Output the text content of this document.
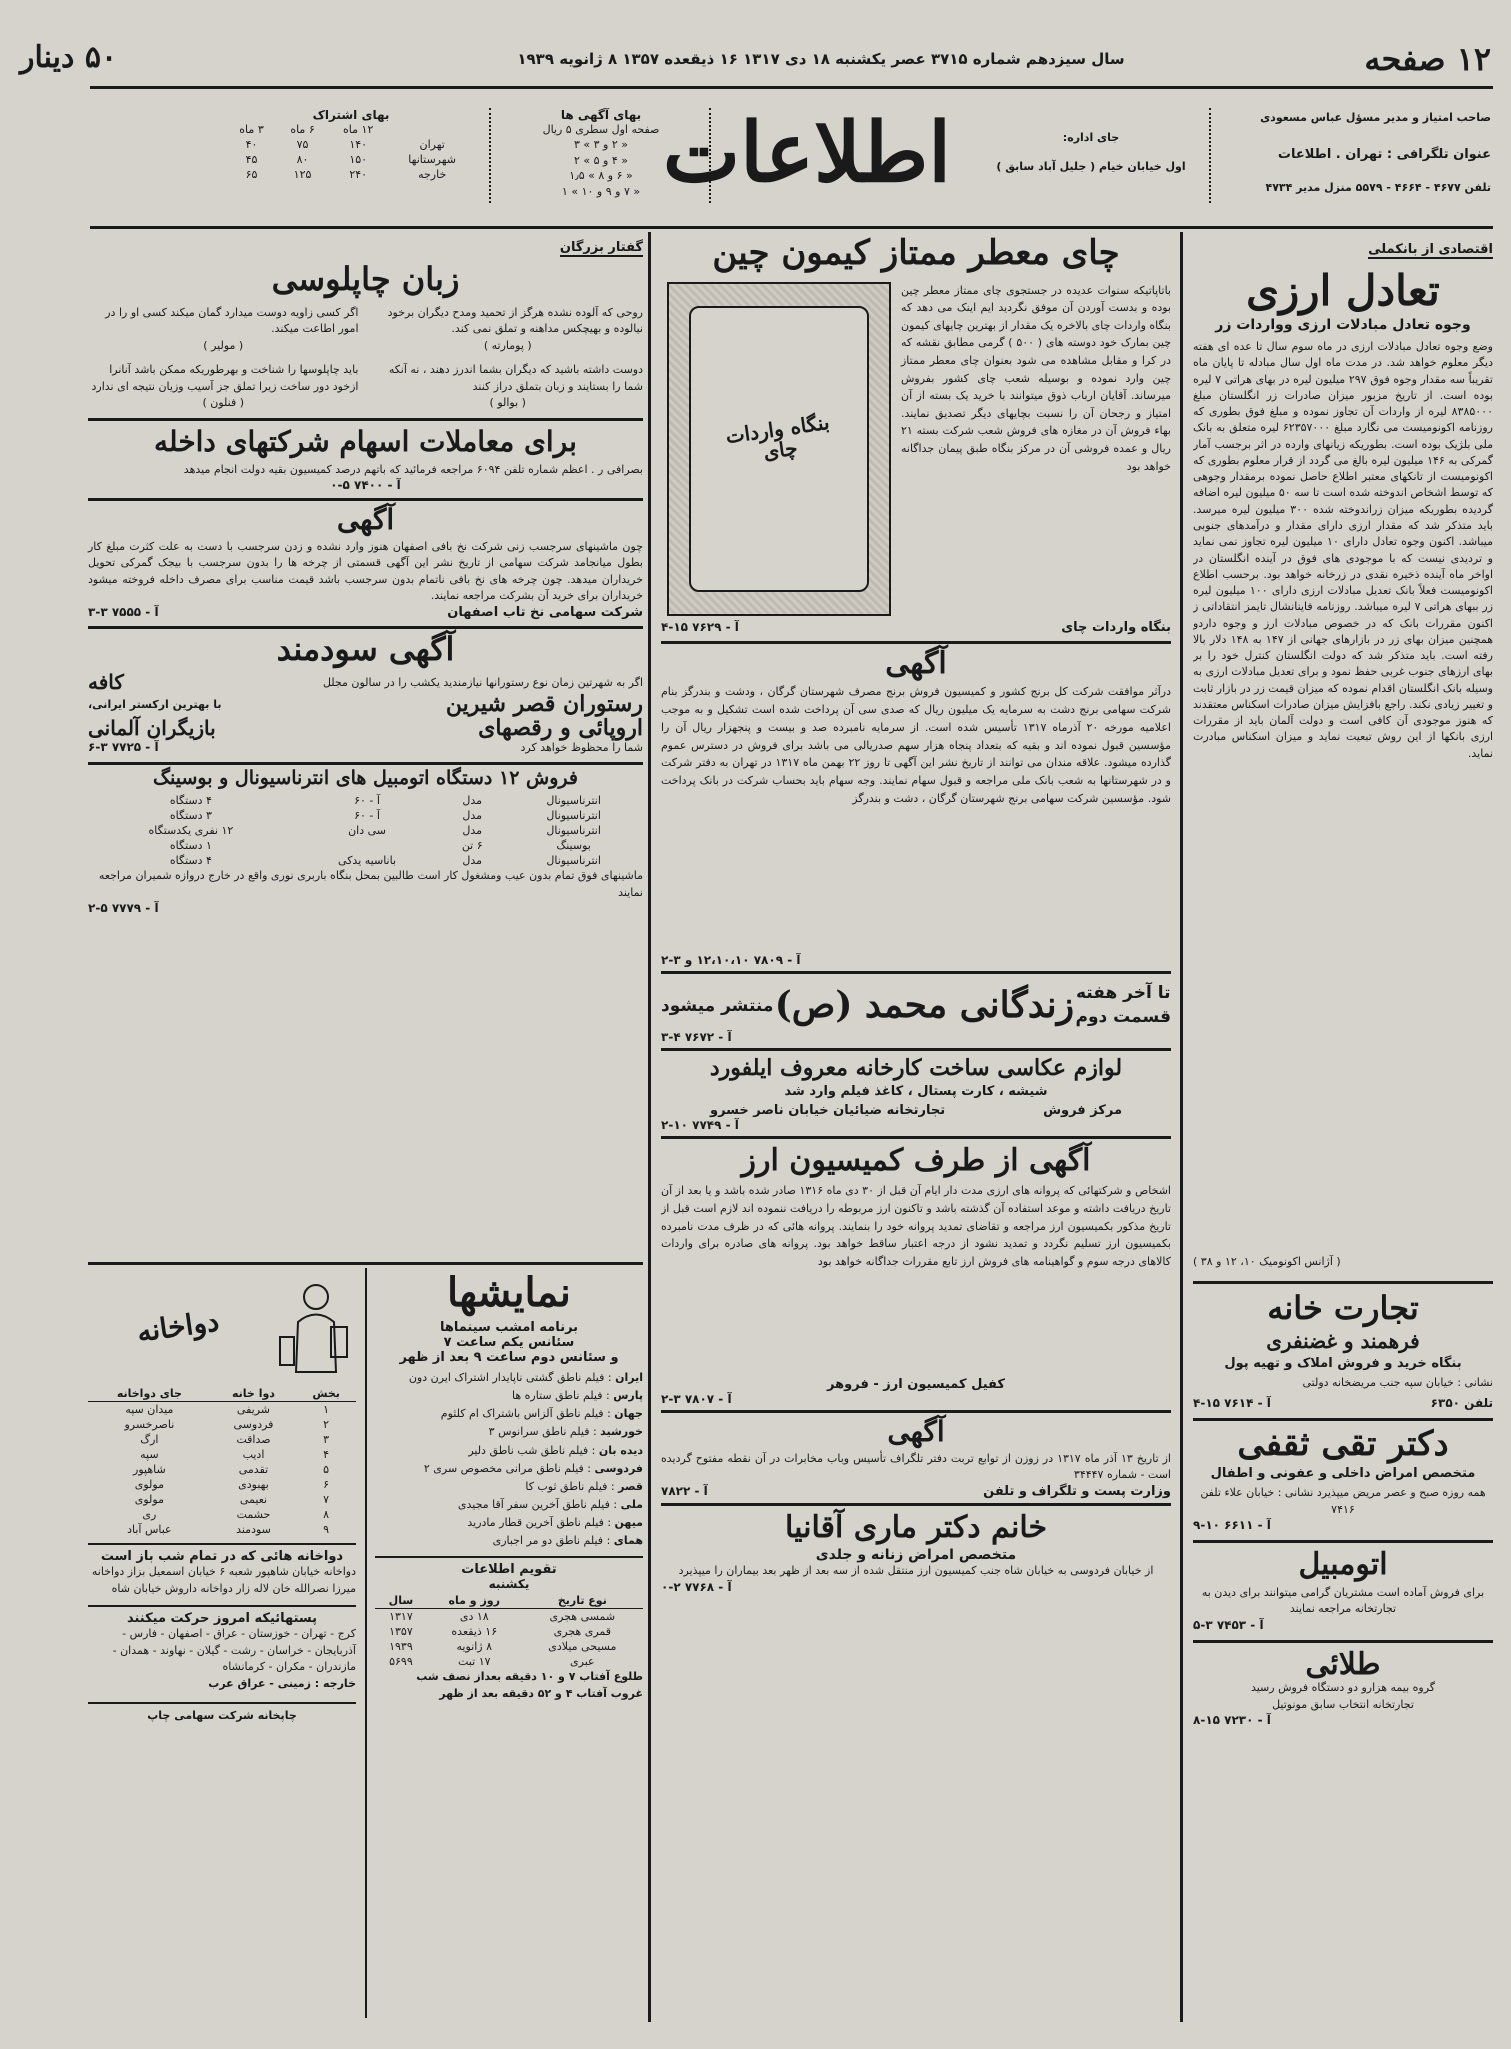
۱۲ صفحه
سال سیزدهم شماره ۳۷۱۵ عصر یکشنبه ۱۸ دی ۱۳۱۷ ۱۶ ذیقعده ۱۳۵۷ ۸ ژانویه ۱۹۳۹
۵۰ دینار
صاحب امتیاز و مدیر مسؤل عباس مسعودی
عنوان تلگرافی : تهران . اطلاعات
تلفن ۴۶۷۷ - ۴۶۶۴ - ۵۵۷۹ منزل مدیر ۴۷۳۴
اطلاعات	جای اداره:
اول خیابان خیام ( جلیل آباد سابق )
بهای آگهی ها
صفحه اول سطری ۵ ریال
« ۲ و ۳ » ۳
« ۴ و ۵ » ۲
« ۶ و ۸ » ۱٫۵
« ۷ و ۹ و ۱۰ » ۱
بهای اشتراک
	۱۲ ماه	۶ ماه	۳ ماه
تهران	۱۴۰	۷۵	۴۰
شهرستانها	۱۵۰	۸۰	۴۵
خارجه	۲۴۰	۱۲۵	۶۵
اقتصادی از بانکملی
تعادل ارزی
وجوه تعادل مبادلات ارزی وواردات زر
وضع وجوه تعادل مبادلات ارزی در ماه سوم سال تا عده ای هفته دیگر معلوم خواهد شد. در مدت ماه اول سال مبادله تا پایان ماه تقریباً سه مقدار وجوه فوق ۲۹۷ میلیون لیره در بهای هراتی ۷ لیره بوده است. از تاریخ مزبور میزان صادرات زر انگلستان مبلغ ۸۳۸۵۰۰۰ لیره از واردات آن تجاوز نموده و مبلغ فوق بطوری که روزنامه اکونومیست می نگارد مبلغ ۶۲۳۵۷۰۰۰ لیره متعلق به بانک ملی بلژیک بوده است. بطوریکه زیانهای وارده در اثر برجسب آمار گمرکی به ۱۴۶ میلیون لیره بالغ می گردد از قرار معلوم بطوری که اکونومیست از تانکهای معتبر اطلاع حاصل نموده برمقدار وجوهی که توسط اشخاص اندوخته شده است تا سه ۵۰ میلیون لیره اضافه گردیده بطوریکه میزان زراندوخته شده ۳۰۰ میلیون لیره میرسد. باید متذکر شد که مقدار ارزی دارای مقدار و درآمدهای جنوبی میباشد. اکنون وجوه تعادل دارای ۱۰ میلیون لیره تجاوز نمی نماید و تردیدی نیست که با موجودی های فوق در آینده انگلستان در اواخر ماه آینده ذخیره نقدی در زرخانه خواهد بود. برحسب اطلاع اکونومیست فعلاً بانک تعدیل مبادلات ارزی دارای ۱۰۰ میلیون لیره زر ببهای هراتی ۷ لیره میباشد. روزنامه فاینانشال تایمز انتقاداتی ز اکنون مقررات بانک که در خصوص مبادلات ارز و وجوه داردو همچنین میزان بهای زر در بازارهای جهانی از ۱۴۷ به ۱۴۸ دلار بالا رفته است. باید متذکر شد که دولت انگلستان کنترل خود را بر بهای ارزهای جنوب غربی حفظ نمود و برای تعدیل مبادلات ارزی به وسیله بانک انگلستان اقدام نموده که میزان قیمت زر در بازار ثابت و تغییر زیادی نکند. راجع بافزایش میزان صادرات اسکناس معتقدند که هنوز موجودی آن کافی است و دولت آلمان باید از مقررات ارزی بانکها از این روش تبعیت نماید و میزان اسکناس مبادرت نماید.
( آژانس اکونومیک ۱۰، ۱۲ و ۳۸ )
تجارت خانه
فرهمند و غضنفری
بنگاه خرید و فروش املاک و تهیه پول
نشانی : خیابان سپه جنب مریضخانه دولتی
تلفن ۶۳۵۰
آ - ۷۶۱۴ ۱۵-۴
دکتر تقی ثقفی
متخصص امراض داخلی و عفونی و اطفال
همه روزه صبح و عصر مریض میپذیرد نشانی : خیابان علاء تلفن ۷۴۱۶
آ - ۶۶۱۱ ۱۰-۹
اتومبیل
برای فروش آماده است مشتریان گرامی میتوانند برای دیدن به تجارتخانه مراجعه نمایند
آ - ۷۴۵۳ ۳-۵
طلائی
گروه بیمه هزارو دو دستگاه فروش رسید
تجارتخانه انتخاب سابق مونوتیل
آ - ۷۲۳۰ ۱۵-۸
چای معطر ممتاز کیمون چین
باتاپاتیکه سنوات عدیده در جستجوی چای ممتاز معطر چین بوده و بدست آوردن آن موفق نگردید ایم اینک می دهد که بنگاه واردات چای بالاخره یک مقدار از بهترین چایهای کیمون چین بمارک خود دوسته های ( ۵۰۰ ) گرمی مطابق نقشه که در کرا و مقابل مشاهده می شود بعنوان چای معطر ممتاز چین وارد نموده و بوسیله شعب چای کشور بفروش میرساند. آقایان ارباب ذوق میتوانند با خرید یک بسته از آن امتیاز و رجحان آن را نسبت بچایهای دیگر تصدیق نمایند. بهاء فروش آن در مغازه های فروش شعب شرکت بسته ۲۱ ریال و عمده فروشی آن در مرکز بنگاه طبق پیمان جداگانه خواهد بود
بنگاه واردات چای
بنگاه واردات چای
آ - ۷۶۲۹ ۱۵-۴
آگهی
درآثر موافقت شرکت کل برنج کشور و کمیسیون فروش برنج مصرف شهرستان گرگان ، ودشت و بندرگز بنام شرکت سهامی برنج دشت به سرمایه یک میلیون ریال که صدی سی آن پرداخت شده است تشکیل و به موجب اعلامیه مورخه ۲۰ آذرماه ۱۳۱۷ تأسیس شده است. از سرمایه نامبرده صد و بیست و پنجهزار ریال آن را مؤسسین قبول نموده اند و بقیه که بتعداد پنجاه هزار سهم صدریالی می باشد برای فروش در دسترس عموم گذارده میشود. علاقه مندان می توانند از تاریخ نشر این آگهی تا روز ۲۲ بهمن ماه ۱۳۱۷ در تهران به دفتر شرکت و در شهرستانها به شعب بانک ملی مراجعه و قبول سهام نمایند. وجه سهام باید بحساب شرکت در بانک پرداخت شود. مؤسسین شرکت سهامی برنج شهرستان گرگان ، دشت و بندرگز
آ - ۷۸۰۹ ۱۲،۱۰،۱۰ و ۳-۲
تا آخر هفته
قسمت دوم
زندگانی محمد (ص)
منتشر میشود
آ - ۷۶۷۲ ۴-۳
لوازم عکاسی ساخت کارخانه معروف ایلفورد
شیشه ، کارت پستال ، کاغذ فیلم وارد شد
مرکز فروش
تجارتخانه ضیائیان خیابان ناصر خسرو
آ - ۷۷۴۹ ۱۰-۲
آگهی از طرف کمیسیون ارز
اشخاص و شرکتهائی که پروانه های ارزی مدت دار ایام آن قبل از ۳۰ دی ماه ۱۳۱۶ صادر شده باشد و یا بعد از آن تاریخ دریافت داشته و موعد استفاده آن گذشته باشد و تاکنون ارز مربوطه را دریافت ننموده اند لازم است قبل از تاریخ مذکور بکمیسیون ارز مراجعه و تقاضای تمدید پروانه خود را بنمایند. پروانه هائی که در ظرف مدت نامبرده بکمیسیون ارز تسلیم نگردد و تمدید نشود از درجه اعتبار ساقط خواهد بود. پروانه های صادره برای واردات کالاهای درجه سوم و گواهینامه های فروش ارز تابع مقررات جداگانه خواهد بود
کفیل کمیسیون ارز - فروهر
آ - ۷۸۰۷ ۳-۲
آگهی
از تاریخ ۱۳ آذر ماه ۱۳۱۷ در زوزن از توابع تربت دفتر تلگراف تأسیس وباب مخابرات در آن نقطه مفتوح گردیده است - شماره ۳۴۴۴۷
وزارت پست و تلگراف و تلفن
آ - ۷۸۲۲
خانم دکتر ماری آقانیا
متخصص امراض زنانه و جلدی
از خیابان فردوسی به خیابان شاه جنب کمیسیون ارز منتقل شده از سه بعد از ظهر بعد بیماران را میپذیرد
آ - ۷۷۶۸ ۲-۰
گفتار بزرگان
زبان چاپلوسی
روحی که آلوده نشده هرگز از تحمید ومدح دیگران برخود نیالوده و بهیچکس مداهنه و تملق نمی کند.
( پومارته )
دوست داشته باشید که دیگران بشما اندرز دهند ، نه آنکه شما را بستایند و زبان بتملق دراز کنند
( بوالو )
اگر کسی زاویه دوست میدارد گمان میکند کسی او را در امور اطاعت میکند.
( مولیر )
باید چاپلوسها را شناخت و بهرطوریکه ممکن باشد آنانرا ازخود دور ساخت زیرا تملق جز آسیب وزیان نتیجه ای ندارد
( فنلون )
برای معاملات اسهام شرکتهای داخله
بصرافی ر . اعظم شماره تلفن ۶۰۹۴ مراجعه فرمائید که باتهم درصد کمیسیون بقیه دولت انجام میدهد
آ - ۷۴۰۰ ۵-۰
آگهی
چون ماشینهای سرجسب زنی شرکت نخ بافی اصفهان هنوز وارد نشده و زدن سرجسب با دست به علت کثرت مبلغ کار بطول میانجامد شرکت سهامی از تاریخ نشر این آگهی قسمتی از چرخه ها را بدون سرجسب با بیجک گمرکی تحویل خریداران میدهد. چون چرخه های نخ بافی ناتمام بدون سرجسب باشد قیمت مناسب برای مصرف داخله فروخته میشود خریداران برای خرید آن بشرکت مراجعه نمایند.
شرکت سهامی نخ تاب اصفهان
آ - ۷۵۵۵ ۳-۳
آگهی سودمند
اگر به شهرتین زمان نوع رستورانها نیازمندید یکشب را در سالون مجلل
کافه
رستوران قصر شیرین
با بهترین ارکستر ایرانی،
اروپائی و رقصهای
بازیگران آلمانی
شما را محظوظ خواهد کرد
آ - ۷۷۲۵ ۳-۶
فروش ۱۲ دستگاه اتومبیل های انترناسیونال و بوسینگ
انترناسیونال	مدل	آ - ۶۰	۴ دستگاه
انترناسیونال	مدل	آ - ۶۰	۳ دستگاه
انترناسیونال	مدل	سی دان	۱۲ نفری یکدستگاه
بوسینگ	۶ تن		۱ دستگاه
انترناسیونال	مدل	باناسیه یدکی	۴ دستگاه
ماشینهای فوق تمام بدون عیب ومشغول کار است طالبین بمحل بنگاه باربری نوری واقع در خارج دروازه شمیران مراجعه نمایند
آ - ۷۷۷۹ ۵-۲
نمایشها
برنامه امشب سینماها
سئانس یکم ساعت ۷
و سئانس دوم ساعت ۹ بعد از ظهر
ایران : فیلم ناطق گشتی ناپایدار اشتراک ایرن دون
پارس : فیلم ناطق ستاره ها
جهان : فیلم ناطق آلزاس باشتراک ام کلثوم
خورشید : فیلم ناطق سرانوس ۳
دیده بان : فیلم ناطق شب ناطق دلیر
فردوسی : فیلم ناطق مرانی مخصوص سری ۲
قصر : فیلم ناطق ثوب کا
ملی : فیلم ناطق آخرین سفر آقا مجیدی
میهن : فیلم ناطق آخرین قطار مادرید
همای : فیلم ناطق دو مر اجباری
تقویم اطلاعات
یکشنبه
نوع تاریخ	روز و ماه	سال
شمسی هجری	۱۸ دی	۱۳۱۷
قمری هجری	۱۶ ذیقعده	۱۳۵۷
مسیحی میلادی	۸ ژانویه	۱۹۳۹
عبری	۱۷ تبت	۵۶۹۹
طلوع آفتاب ۷ و ۱۰ دقیقه بعداز نصف شب
غروب آفتاب ۴ و ۵۲ دقیقه بعد از ظهر
دواخانه
بخش	دوا خانه	جای دواخانه
۱	شریفی	میدان سپه
۲	فردوسی	ناصرخسرو
۳	صداقت	ارگ
۴	ادیب	سپه
۵	تقدمی	شاهپور
۶	بهبودی	مولوی
۷	نعیمی	مولوی
۸	حشمت	ری
۹	سودمند	عباس آباد
دواخانه هائی که در تمام شب باز است
دواخانه خیابان شاهپور شعبه ۶ خیابان اسمعیل بزاز دواخانه میرزا نصرالله خان لاله زار دواخانه داروش خیابان شاه
پستهائیکه امروز حرکت میکنند
کرج - تهران - خوزستان - عراق - اصفهان - فارس - آذربایجان - خراسان - رشت - گیلان - نهاوند - همدان - مازندران - مکران - کرمانشاه
خارجه : زمینی - عراق عرب
چاپخانه شرکت سهامی چاپ
